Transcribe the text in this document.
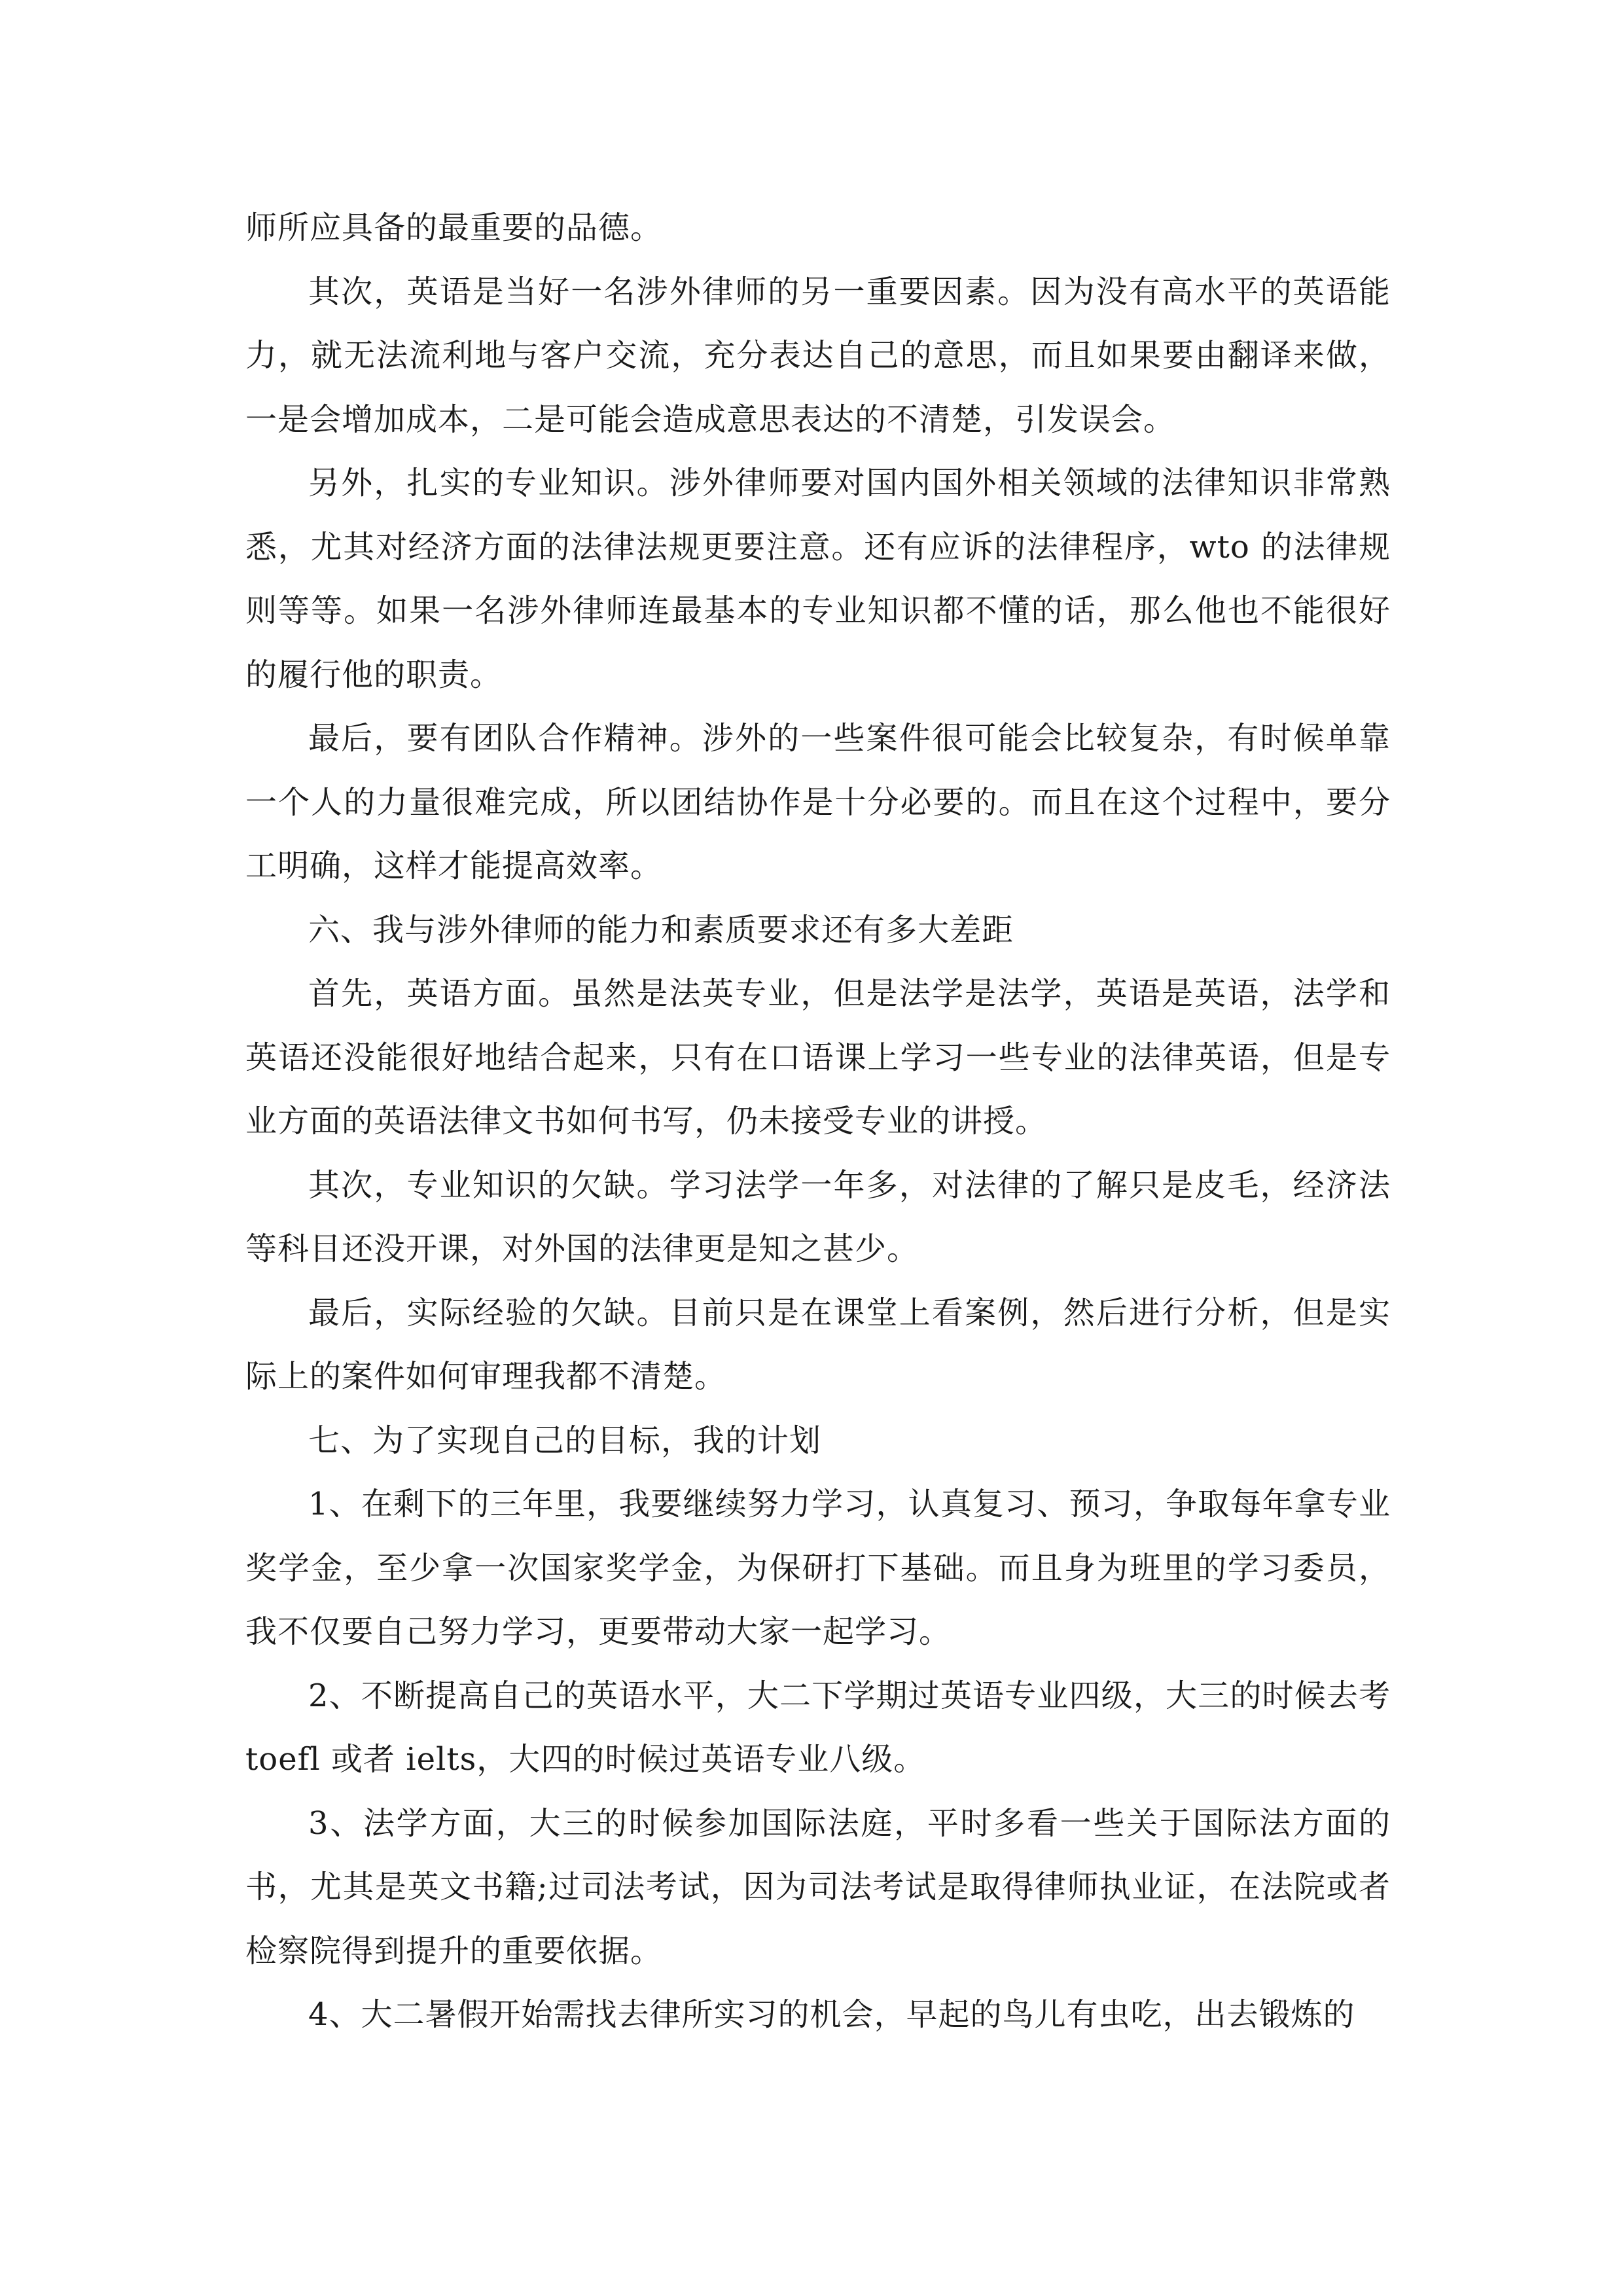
师所应具备的最重要的品德。

其次，英语是当好一名涉外律师的另一重要因素。因为没有高水平的英语能力，就无法流利地与客户交流，充分表达自己的意思，而且如果要由翻译来做，一是会增加成本，二是可能会造成意思表达的不清楚，引发误会。

另外，扎实的专业知识。涉外律师要对国内国外相关领域的法律知识非常熟悉，尤其对经济方面的法律法规更要注意。还有应诉的法律程序，wto 的法律规则等等。如果一名涉外律师连最基本的专业知识都不懂的话，那么他也不能很好的履行他的职责。

最后，要有团队合作精神。涉外的一些案件很可能会比较复杂，有时候单靠一个人的力量很难完成，所以团结协作是十分必要的。而且在这个过程中，要分工明确，这样才能提高效率。

六、我与涉外律师的能力和素质要求还有多大差距

首先，英语方面。虽然是法英专业，但是法学是法学，英语是英语，法学和英语还没能很好地结合起来，只有在口语课上学习一些专业的法律英语，但是专业方面的英语法律文书如何书写，仍未接受专业的讲授。

其次，专业知识的欠缺。学习法学一年多，对法律的了解只是皮毛，经济法等科目还没开课，对外国的法律更是知之甚少。

最后，实际经验的欠缺。目前只是在课堂上看案例，然后进行分析，但是实际上的案件如何审理我都不清楚。

七、为了实现自己的目标，我的计划

1、在剩下的三年里，我要继续努力学习，认真复习、预习，争取每年拿专业奖学金，至少拿一次国家奖学金，为保研打下基础。而且身为班里的学习委员，我不仅要自己努力学习，更要带动大家一起学习。

2、不断提高自己的英语水平，大二下学期过英语专业四级，大三的时候去考 toefl 或者 ielts，大四的时候过英语专业八级。

3、法学方面，大三的时候参加国际法庭，平时多看一些关于国际法方面的书，尤其是英文书籍;过司法考试，因为司法考试是取得律师执业证，在法院或者检察院得到提升的重要依据。

4、大二暑假开始需找去律所实习的机会，早起的鸟儿有虫吃，出去锻炼的
